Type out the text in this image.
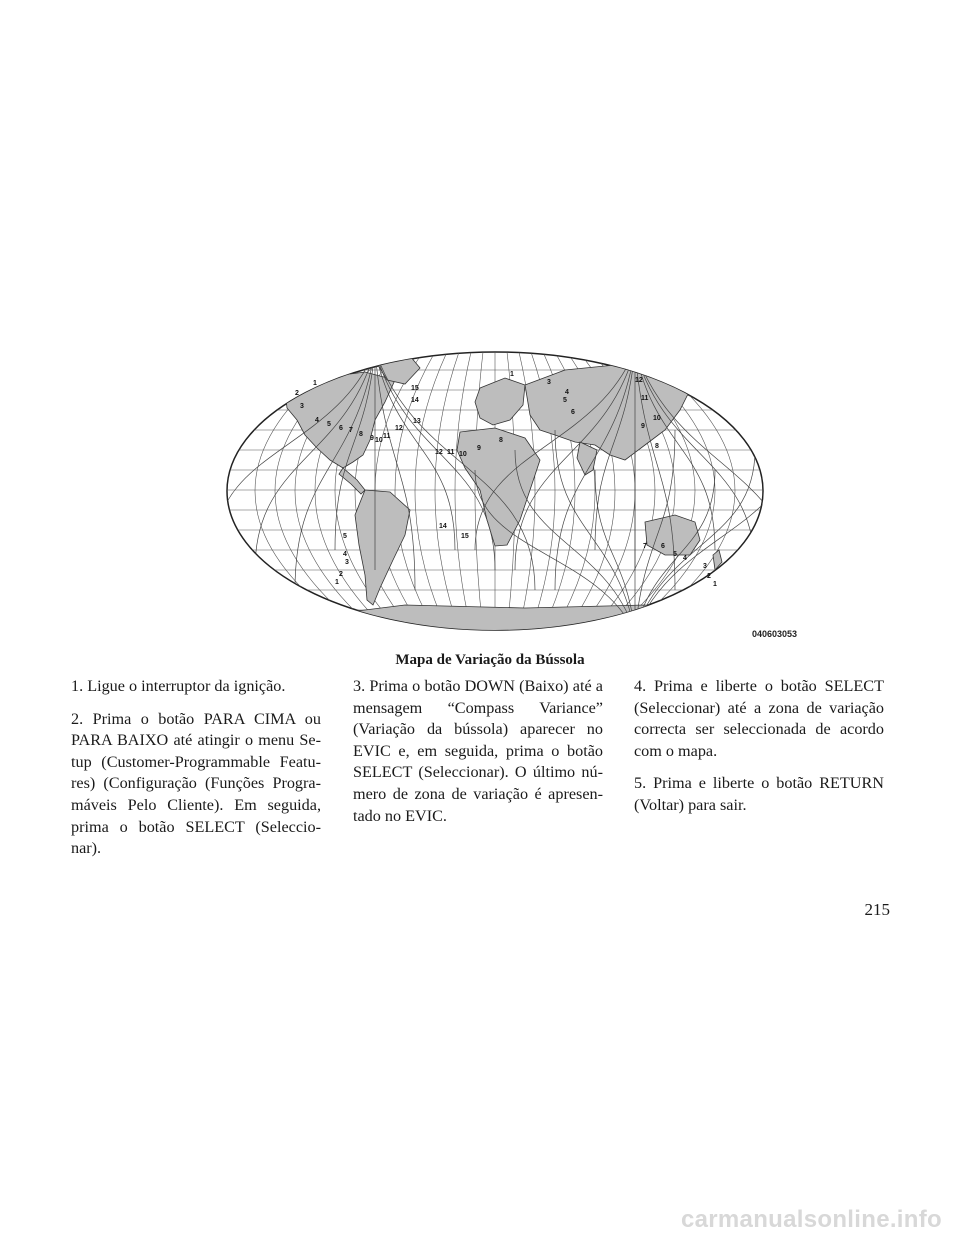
1
2
3
4
5
6 7
8
9 10
11
12
13
14
15
1
3
4
5
6
12
11
10
9
8
12 11 10
9
8
14
15
5
4
3
2
1
7 6
5
4
3
2
1
040603053
Mapa de Variação da Bússola

1. Ligue o interruptor da ignição.

2. Prima o botão PARA CIMA ou PARA BAIXO até atingir o menu Se-tup (Customer-Programmable Featu-res) (Configuração (Funções Progra-máveis Pelo Cliente). Em seguida, prima o botão SELECT (Seleccio-nar).

3. Prima o botão DOWN (Baixo) até a mensagem “Compass Variance” (Variação da bússola) aparecer no EVIC e, em seguida, prima o botão SELECT (Seleccionar). O último nú-mero de zona de variação é apresen-tado no EVIC.

4. Prima e liberte o botão SELECT (Seleccionar) até a zona de variação correcta ser seleccionada de acordo com o mapa.

5. Prima e liberte o botão RETURN (Voltar) para sair.

215
carmanualsonline.info
